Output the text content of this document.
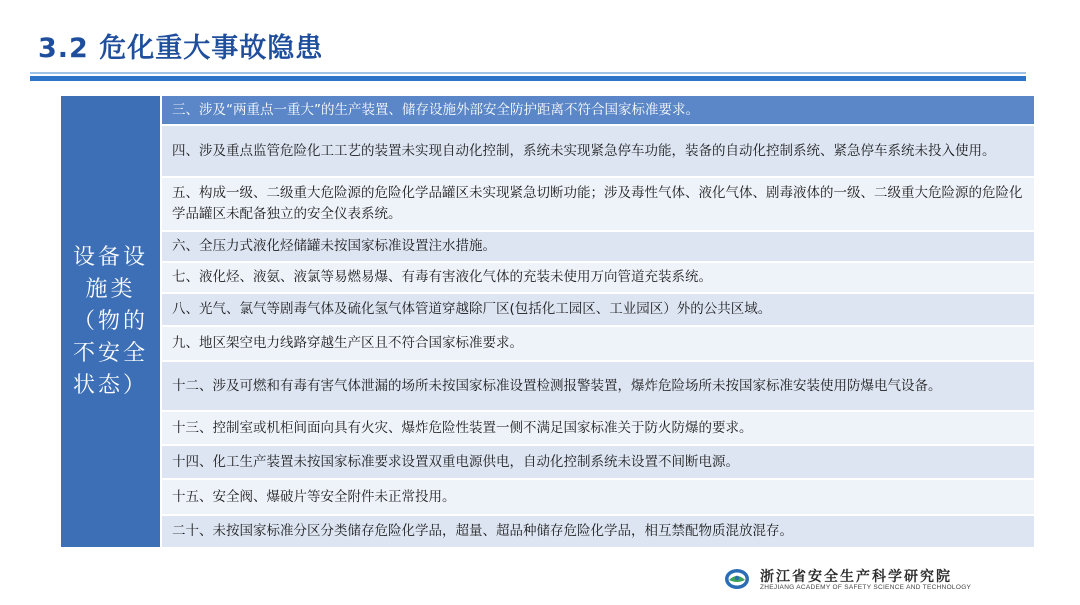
3.2 危化重大事故隐患
设备设施类（物的不安全状态）
三、涉及“两重点一重大”的生产装置、储存设施外部安全防护距离不符合国家标准要求。
四、涉及重点监管危险化工工艺的装置未实现自动化控制，系统未实现紧急停车功能，装备的自动化控制系统、紧急停车系统未投入使用。
五、构成一级、二级重大危险源的危险化学品罐区未实现紧急切断功能；涉及毒性气体、液化气体、剧毒液体的一级、二级重大危险源的危险化学品罐区未配备独立的安全仪表系统。
六、全压力式液化烃储罐未按国家标准设置注水措施。
七、液化烃、液氨、液氯等易燃易爆、有毒有害液化气体的充装未使用万向管道充装系统。
八、光气、氯气等剧毒气体及硫化氢气体管道穿越除厂区(包括化工园区、工业园区）外的公共区域。
九、地区架空电力线路穿越生产区且不符合国家标准要求。
十二、涉及可燃和有毒有害气体泄漏的场所未按国家标准设置检测报警装置，爆炸危险场所未按国家标准安装使用防爆电气设备。
十三、控制室或机柜间面向具有火灾、爆炸危险性装置一侧不满足国家标准关于防火防爆的要求。
十四、化工生产装置未按国家标准要求设置双重电源供电，自动化控制系统未设置不间断电源。
十五、安全阀、爆破片等安全附件未正常投用。
二十、未按国家标准分区分类储存危险化学品，超量、超品种储存危险化学品，相互禁配物质混放混存。
浙江省安全生产科学研究院
ZHEJIANG ACADEMY OF SAFETY SCIENCE AND TECHNOLOGY
